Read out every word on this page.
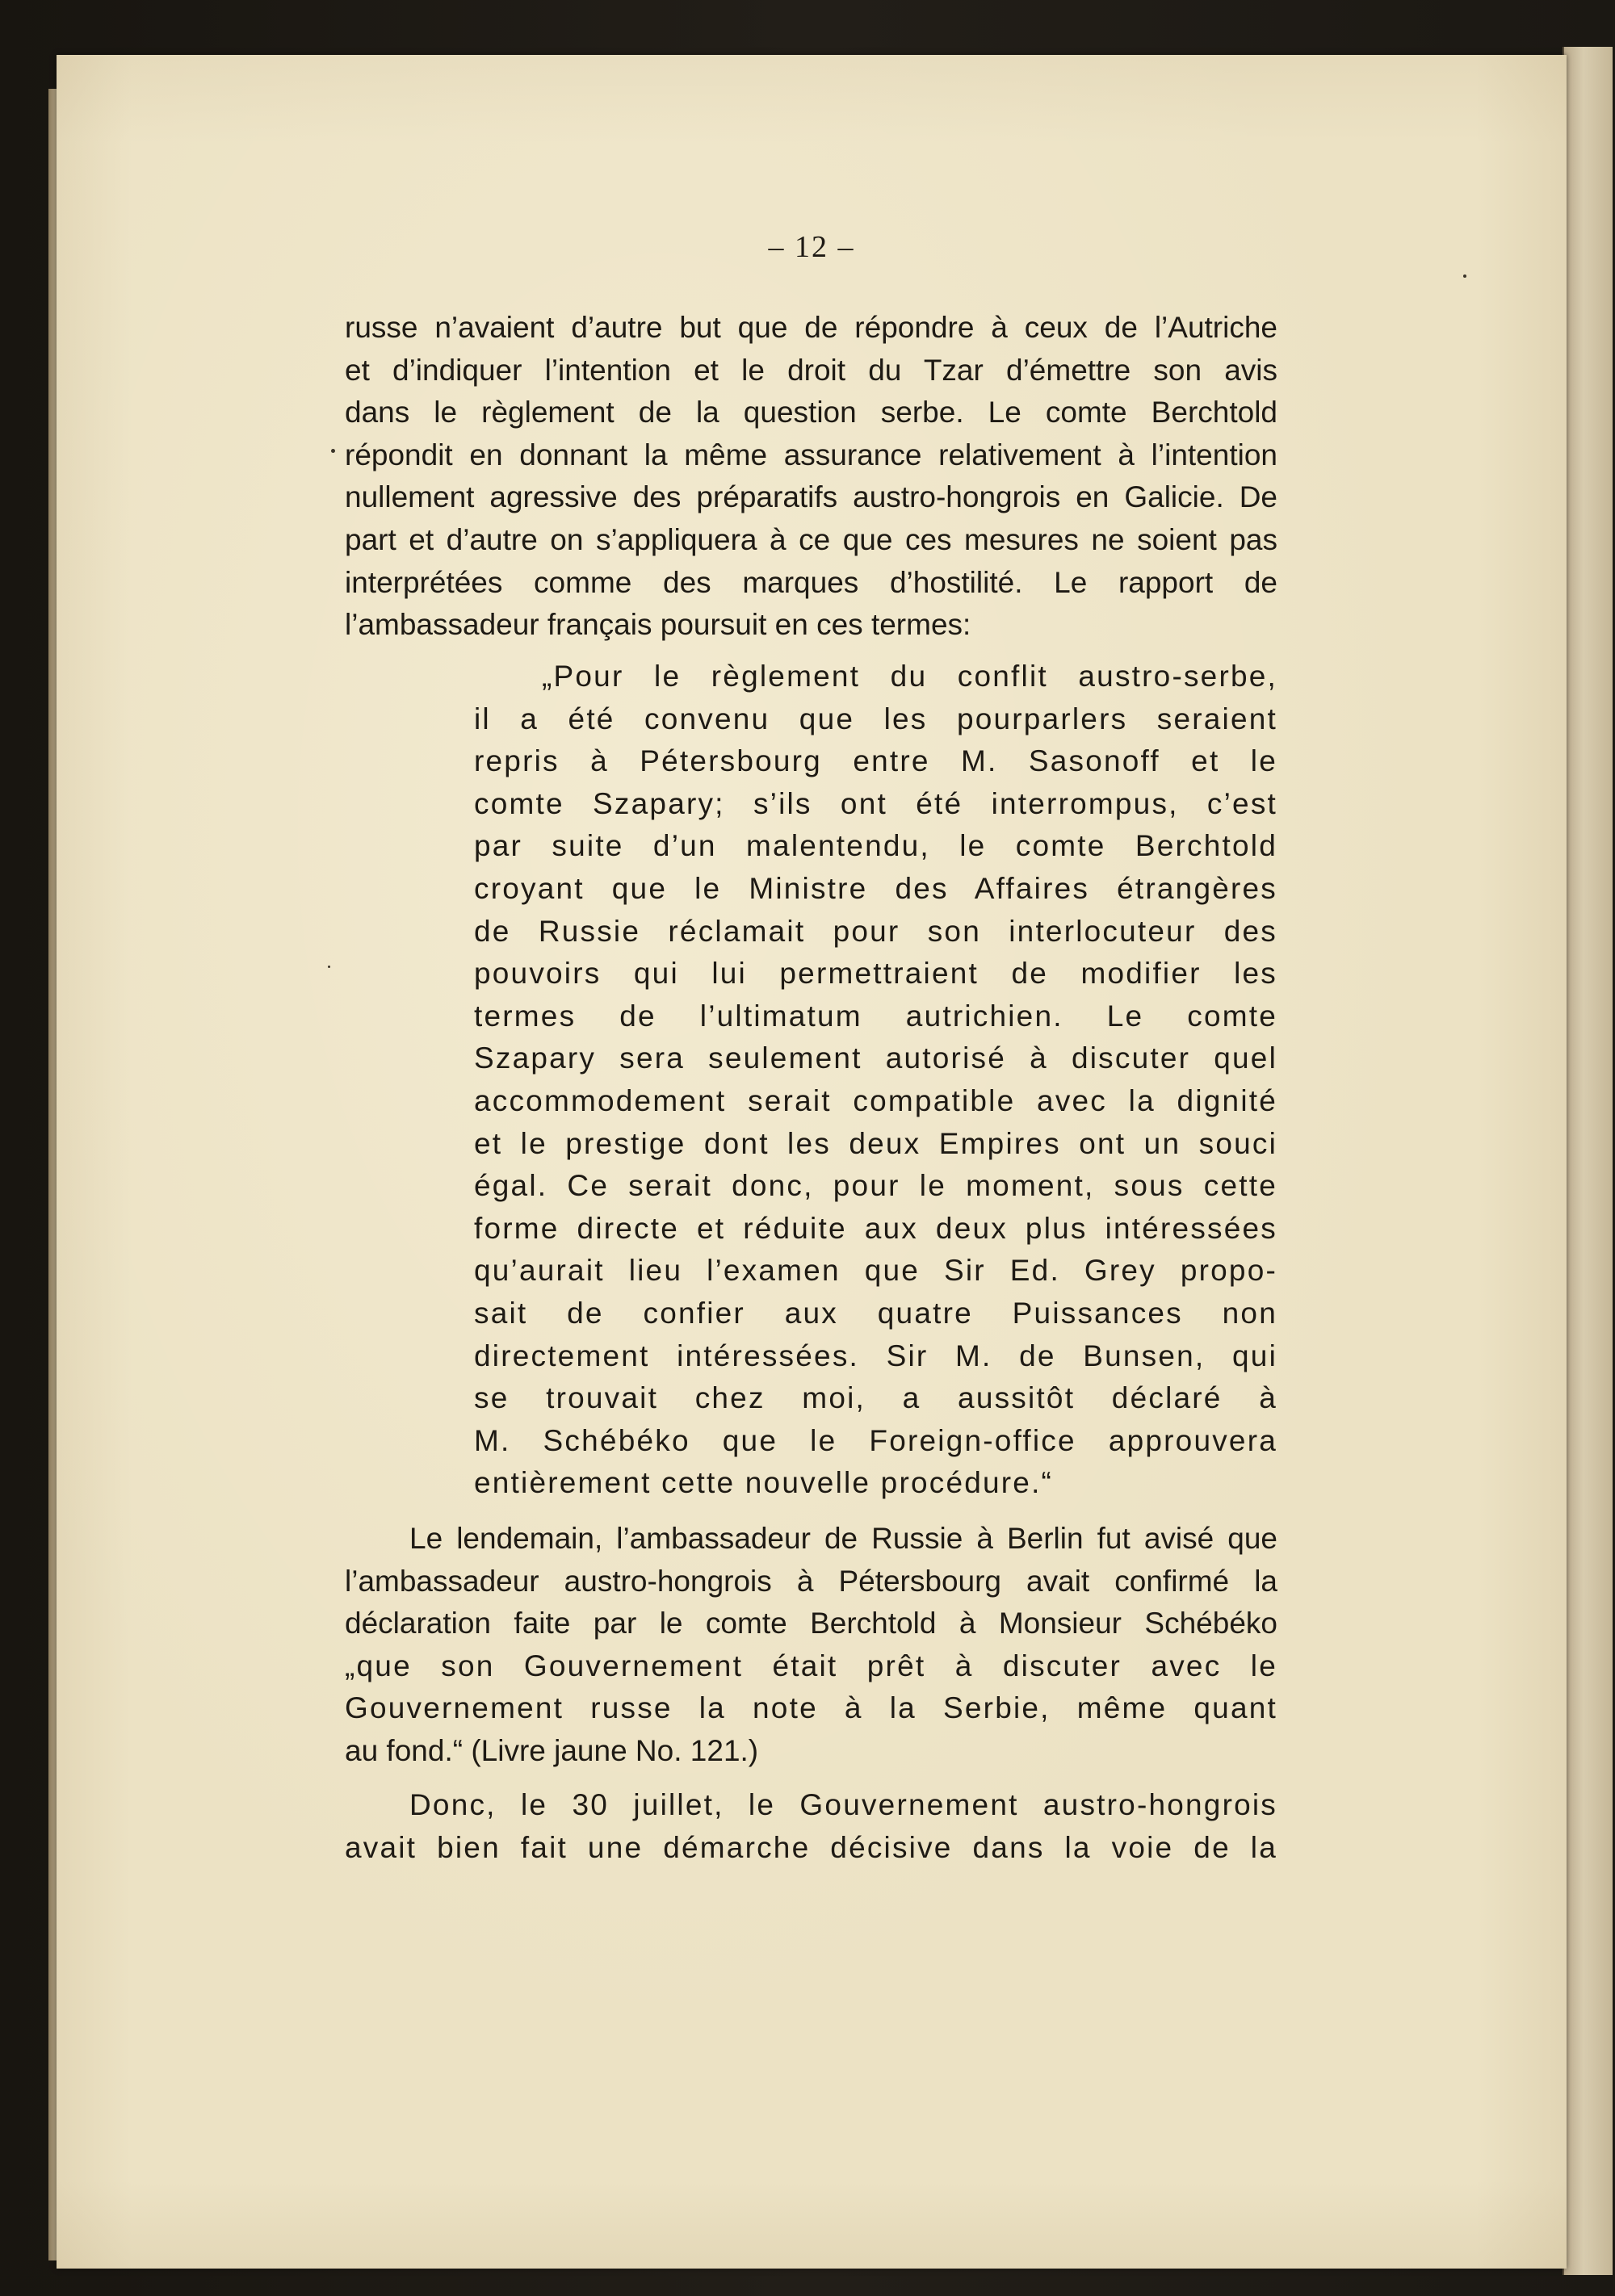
– 12 –
russe n’avaient d’autre but que de répondre à ceux de l’Autriche
et d’indiquer l’intention et le droit du Tzar d’émettre son avis
dans le règlement de la question serbe. Le comte Berchtold
répondit en donnant la même assurance relativement à l’intention
nullement agressive des préparatifs austro-hongrois en Galicie. De
part et d’autre on s’appliquera à ce que ces mesures ne soient pas
interprétées comme des marques d’hostilité. Le rapport de
l’ambassadeur français poursuit en ces termes:
„Pour le règlement du conflit austro-serbe,
il a été convenu que les pourparlers seraient
repris à Pétersbourg entre M. Sasonoff et le
comte Szapary; s’ils ont été interrompus, c’est
par suite d’un malentendu, le comte Berchtold
croyant que le Ministre des Affaires étrangères
de Russie réclamait pour son interlocuteur des
pouvoirs qui lui permettraient de modifier les
termes de l’ultimatum autrichien. Le comte
Szapary sera seulement autorisé à discuter quel
accommodement serait compatible avec la dignité
et le prestige dont les deux Empires ont un souci
égal. Ce serait donc, pour le moment, sous cette
forme directe et réduite aux deux plus intéressées
qu’aurait lieu l’examen que Sir Ed. Grey propo-
sait de confier aux quatre Puissances non
directement intéressées. Sir M. de Bunsen, qui
se trouvait chez moi, a aussitôt déclaré à
M. Schébéko que le Foreign-office approuvera
entièrement cette nouvelle procédure.“
Le lendemain, l’ambassadeur de Russie à Berlin fut avisé que
l’ambassadeur austro-hongrois à Pétersbourg avait confirmé la
déclaration faite par le comte Berchtold à Monsieur Schébéko
„que son Gouvernement était prêt à discuter avec le
Gouvernement russe la note à la Serbie, même quant
au fond.“ (Livre jaune No. 121.)
Donc, le 30 juillet, le Gouvernement austro-hongrois
avait bien fait une démarche décisive dans la voie de la
